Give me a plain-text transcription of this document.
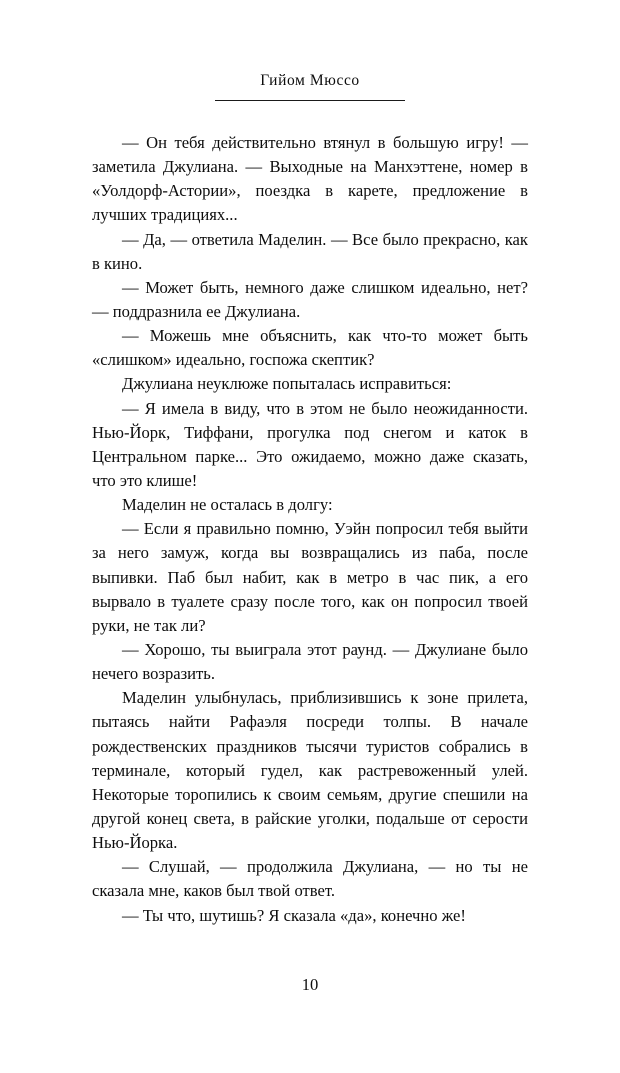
Гийом Мюссо

— Он тебя действительно втянул в большую игру! — заметила Джулиана. — Выходные на Манхэттене, номер в «Уолдорф-Астории», поездка в карете, предложение в лучших традициях...

— Да, — ответила Маделин. — Все было прекрасно, как в кино.

— Может быть, немного даже слишком идеально, нет? — поддразнила ее Джулиана.

— Можешь мне объяснить, как что-то может быть «слишком» идеально, госпожа скептик?

Джулиана неуклюже попыталась исправиться:

— Я имела в виду, что в этом не было неожиданности. Нью-Йорк, Тиффани, прогулка под снегом и каток в Центральном парке... Это ожидаемо, можно даже сказать, что это клише!

Маделин не осталась в долгу:

— Если я правильно помню, Уэйн попросил тебя выйти за него замуж, когда вы возвращались из паба, после выпивки. Паб был набит, как в метро в час пик, а его вырвало в туалете сразу после того, как он попросил твоей руки, не так ли?

— Хорошо, ты выиграла этот раунд. — Джулиане было нечего возразить.

Маделин улыбнулась, приблизившись к зоне прилета, пытаясь найти Рафаэля посреди толпы. В начале рождественских праздников тысячи туристов собрались в терминале, который гудел, как растревоженный улей. Некоторые торопились к своим семьям, другие спешили на другой конец света, в райские уголки, подальше от серости Нью-Йорка.

— Слушай, — продолжила Джулиана, — но ты не сказала мне, каков был твой ответ.

— Ты что, шутишь? Я сказала «да», конечно же!

10
